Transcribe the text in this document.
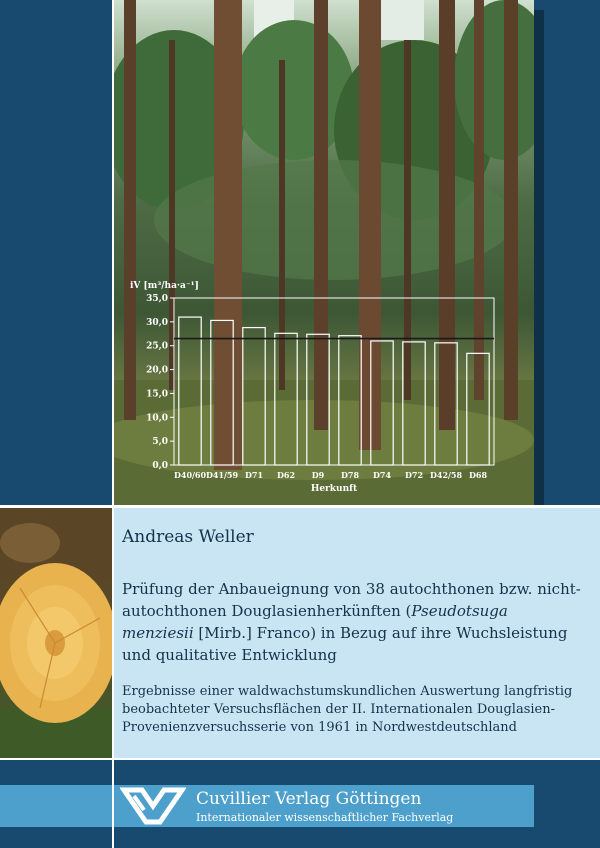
0,0
5,0
10,0
15,0
20,0
25,0
30,0
35,0
iV [m³/ha·a⁻¹]
D40/60 D41/59 D71 D62 D9 D78 D74 D72 D42/58 D68
Herkunft
Andreas Weller
Prüfung der Anbaueignung von 38 autochthonen bzw. nicht-autochthonen Douglasienherkünften (Pseudotsuga menziesii [Mirb.] Franco) in Bezug auf ihre Wuchsleistung und qualitative Entwicklung
Ergebnisse einer waldwachstumskundlichen Auswertung langfristig beobachteter Versuchsflächen der II. Internationalen Douglasien-Provenienzversuchsserie von 1961 in Nordwestdeutschland
Cuvillier Verlag Göttingen
Internationaler wissenschaftlicher Fachverlag
